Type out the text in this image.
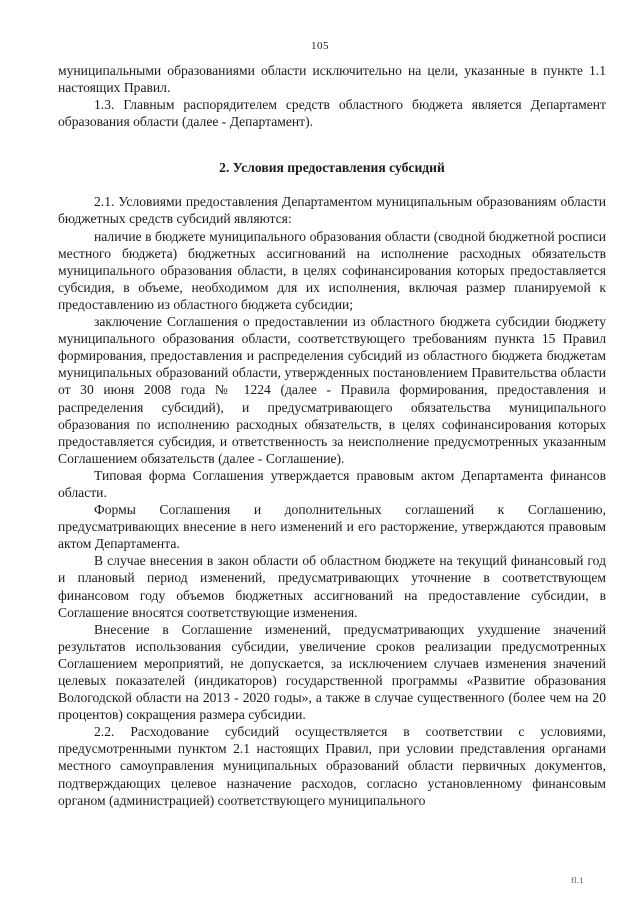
105

муниципальными образованиями области исключительно на цели, указанные в пункте 1.1 настоящих Правил.

1.3. Главным распорядителем средств областного бюджета является Департамент образования области (далее - Департамент).

2. Условия предоставления субсидий

2.1. Условиями предоставления Департаментом муниципальным образованиям области бюджетных средств субсидий являются:

наличие в бюджете муниципального образования области (сводной бюджетной росписи местного бюджета) бюджетных ассигнований на исполнение расходных обязательств муниципального образования области, в целях софинансирования которых предоставляется субсидия, в объеме, необходимом для их исполнения, включая размер планируемой к предоставлению из областного бюджета субсидии;

заключение Соглашения о предоставлении из областного бюджета субсидии бюджету муниципального образования области, соответствующего требованиям пункта 15 Правил формирования, предоставления и распределения субсидий из областного бюджета бюджетам муниципальных образований области, утвержденных постановлением Правительства области от 30 июня 2008 года № 1224 (далее - Правила формирования, предоставления и распределения субсидий), и предусматривающего обязательства муниципального образования по исполнению расходных обязательств, в целях софинансирования которых предоставляется субсидия, и ответственность за неисполнение предусмотренных указанным Соглашением обязательств (далее - Соглашение).

Типовая форма Соглашения утверждается правовым актом Департамента финансов области.

Формы Соглашения и дополнительных соглашений к Соглашению, предусматривающих внесение в него изменений и его расторжение, утверждаются правовым актом Департамента.

В случае внесения в закон области об областном бюджете на текущий финансовый год и плановый период изменений, предусматривающих уточнение в соответствующем финансовом году объемов бюджетных ассигнований на предоставление субсидии, в Соглашение вносятся соответствующие изменения.

Внесение в Соглашение изменений, предусматривающих ухудшение значений результатов использования субсидии, увеличение сроков реализации предусмотренных Соглашением мероприятий, не допускается, за исключением случаев изменения значений целевых показателей (индикаторов) государственной программы «Развитие образования Вологодской области на 2013 - 2020 годы», а также в случае существенного (более чем на 20 процентов) сокращения размера субсидии.

2.2. Расходование субсидий осуществляется в соответствии с условиями, предусмотренными пунктом 2.1 настоящих Правил, при условии представления органами местного самоуправления муниципальных образований области первичных документов, подтверждающих целевое назначение расходов, согласно установленному финансовым органом (администрацией) соответствующего муниципального

fl.1
